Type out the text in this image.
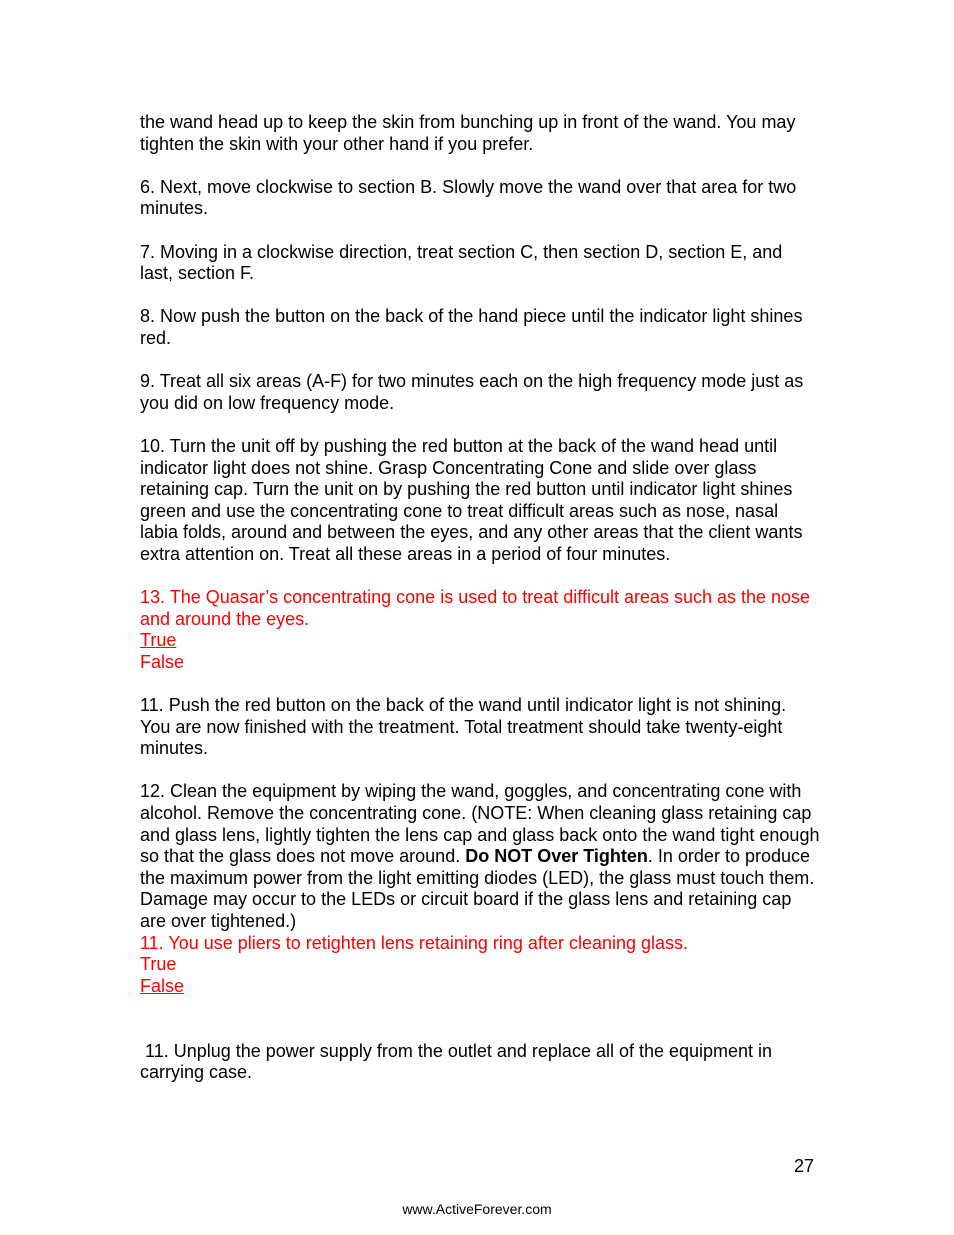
the wand head up to keep the skin from bunching up in front of the wand. You may tighten the skin with your other hand if you prefer.

6. Next, move clockwise to section B. Slowly move the wand over that area for two minutes.

7. Moving in a clockwise direction, treat section C, then section D, section E, and last, section F.

8. Now push the button on the back of the hand piece until the indicator light shines red.

9. Treat all six areas (A-F) for two minutes each on the high frequency mode just as you did on low frequency mode.

10. Turn the unit off by pushing the red button at the back of the wand head until indicator light does not shine. Grasp Concentrating Cone and slide over glass retaining cap. Turn the unit on by pushing the red button until indicator light shines green and use the concentrating cone to treat difficult areas such as nose, nasal labia folds, around and between the eyes, and any other areas that the client wants extra attention on. Treat all these areas in a period of four minutes.

13. The Quasar’s concentrating cone is used to treat difficult areas such as the nose and around the eyes.
True
False

11. Push the red button on the back of the wand until indicator light is not shining. You are now finished with the treatment. Total treatment should take twenty-eight minutes.

12. Clean the equipment by wiping the wand, goggles, and concentrating cone with alcohol. Remove the concentrating cone. (NOTE: When cleaning glass retaining cap and glass lens, lightly tighten the lens cap and glass back onto the wand tight enough so that the glass does not move around. Do NOT Over Tighten. In order to produce the maximum power from the light emitting diodes (LED), the glass must touch them. Damage may occur to the LEDs or circuit board if the glass lens and retaining cap are over tightened.)
11. You use pliers to retighten lens retaining ring after cleaning glass.
True
False

11. Unplug the power supply from the outlet and replace all of the equipment in carrying case.

27
www.ActiveForever.com
